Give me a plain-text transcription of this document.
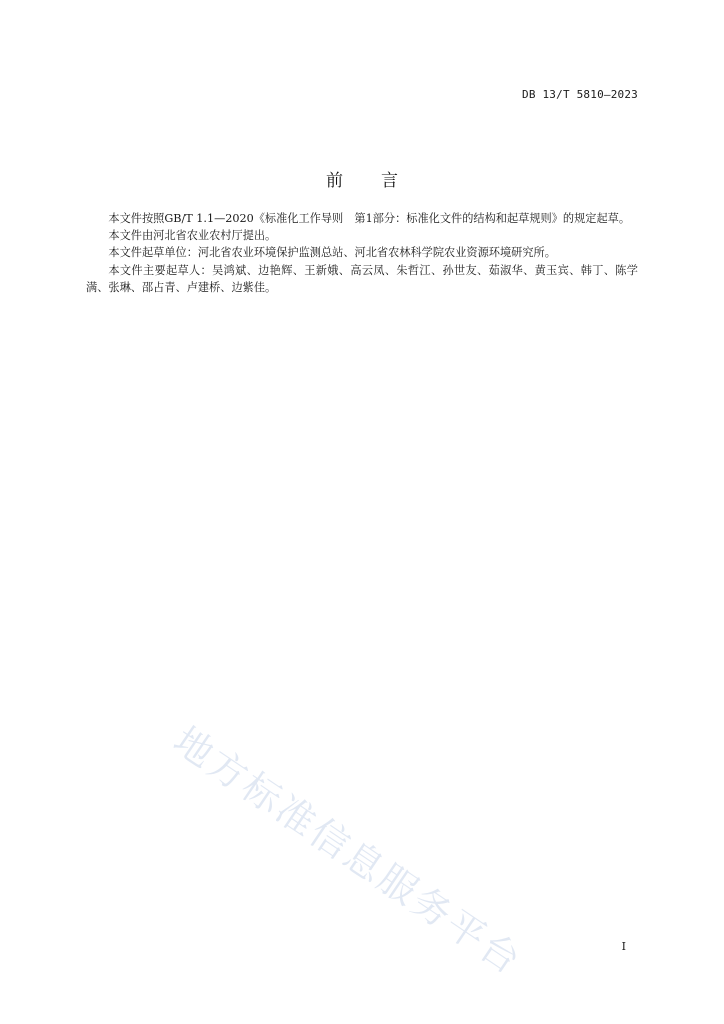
DB 13/T 5810—2023
前言

本文件按照GB/T 1.1—2020《标准化工作导则　第1部分：标准化文件的结构和起草规则》的规定起草。

本文件由河北省农业农村厅提出。

本文件起草单位：河北省农业环境保护监测总站、河北省农林科学院农业资源环境研究所。

本文件主要起草人：吴鸿斌、边艳辉、王新娥、高云凤、朱哲江、孙世友、茹淑华、黄玉宾、韩丁、陈学满、张琳、邵占青、卢建桥、边紫佳。

地方标准信息服务平台	I
